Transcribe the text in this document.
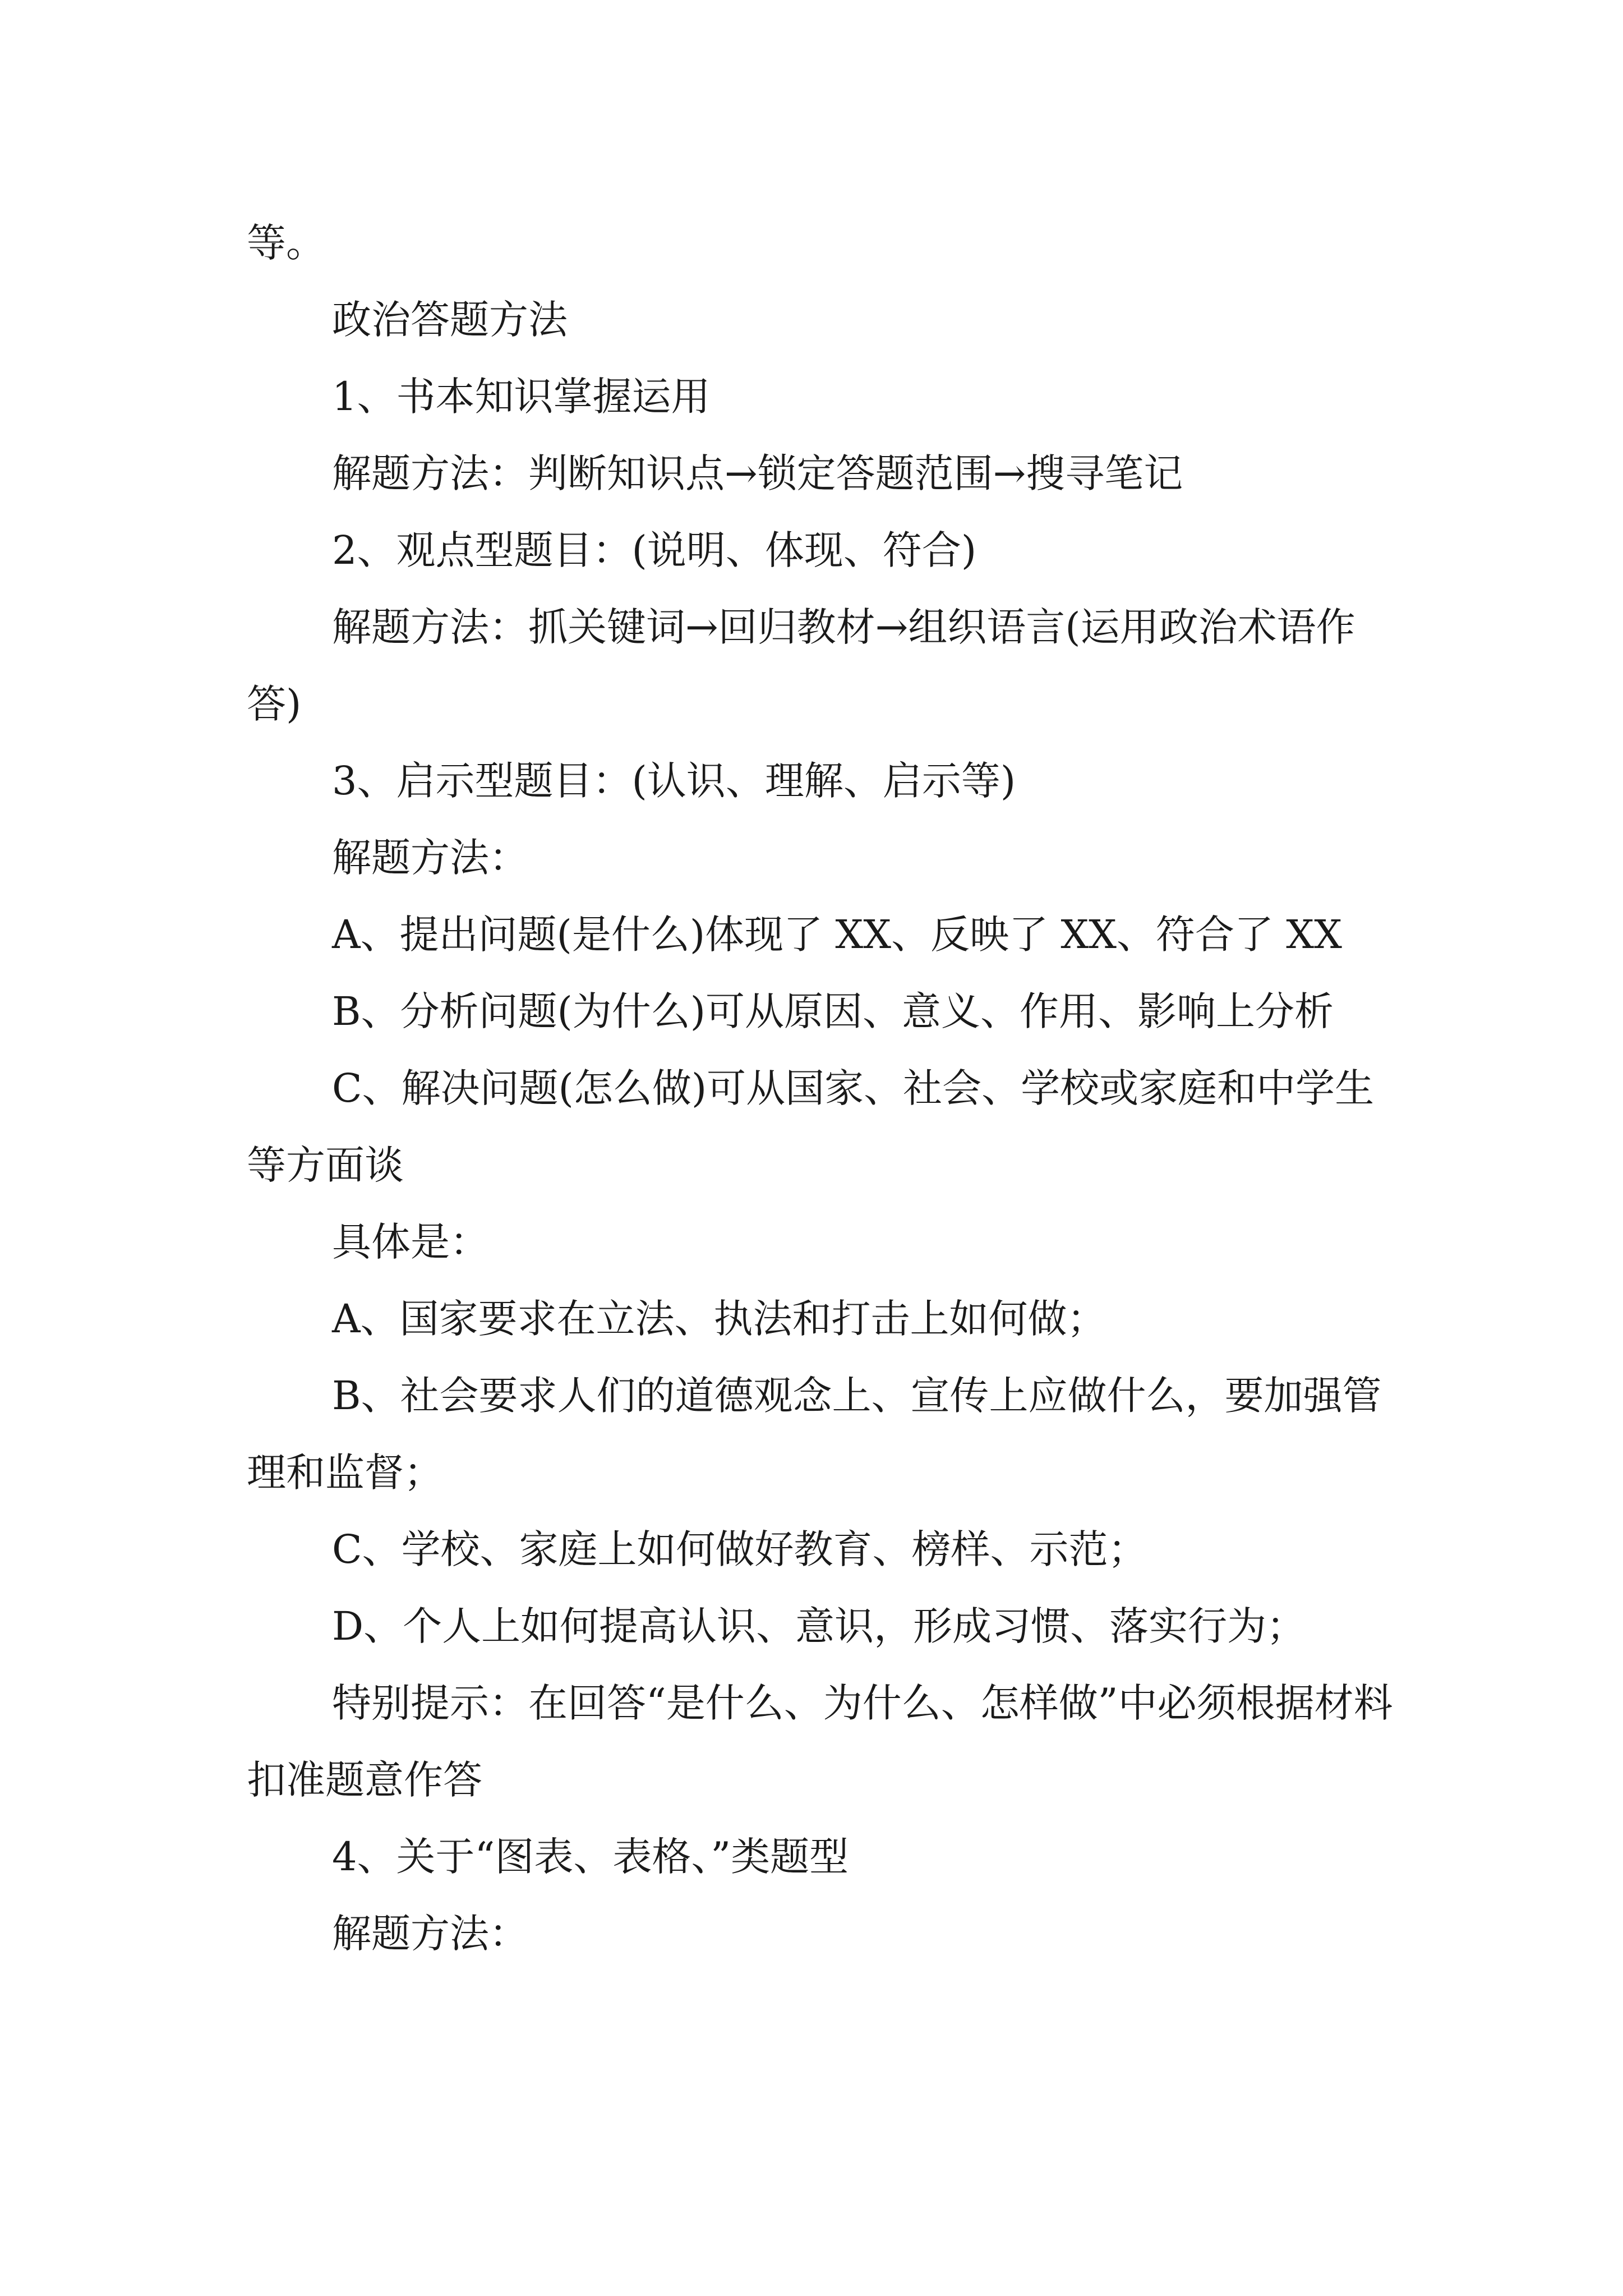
等。

政治答题方法

1、书本知识掌握运用

解题方法：判断知识点→锁定答题范围→搜寻笔记

2、观点型题目：(说明、体现、符合)

解题方法：抓关键词→回归教材→组织语言(运用政治术语作答)

3、启示型题目：(认识、理解、启示等)

解题方法：

A、提出问题(是什么)体现了 XX、反映了 XX、符合了 XX

B、分析问题(为什么)可从原因、意义、作用、影响上分析

C、解决问题(怎么做)可从国家、社会、学校或家庭和中学生等方面谈

具体是：

A、国家要求在立法、执法和打击上如何做；

B、社会要求人们的道德观念上、宣传上应做什么，要加强管理和监督；

C、学校、家庭上如何做好教育、榜样、示范；

D、个人上如何提高认识、意识，形成习惯、落实行为；

特别提示：在回答“是什么、为什么、怎样做”中必须根据材料扣准题意作答

4、关于“图表、表格、”类题型

解题方法：
